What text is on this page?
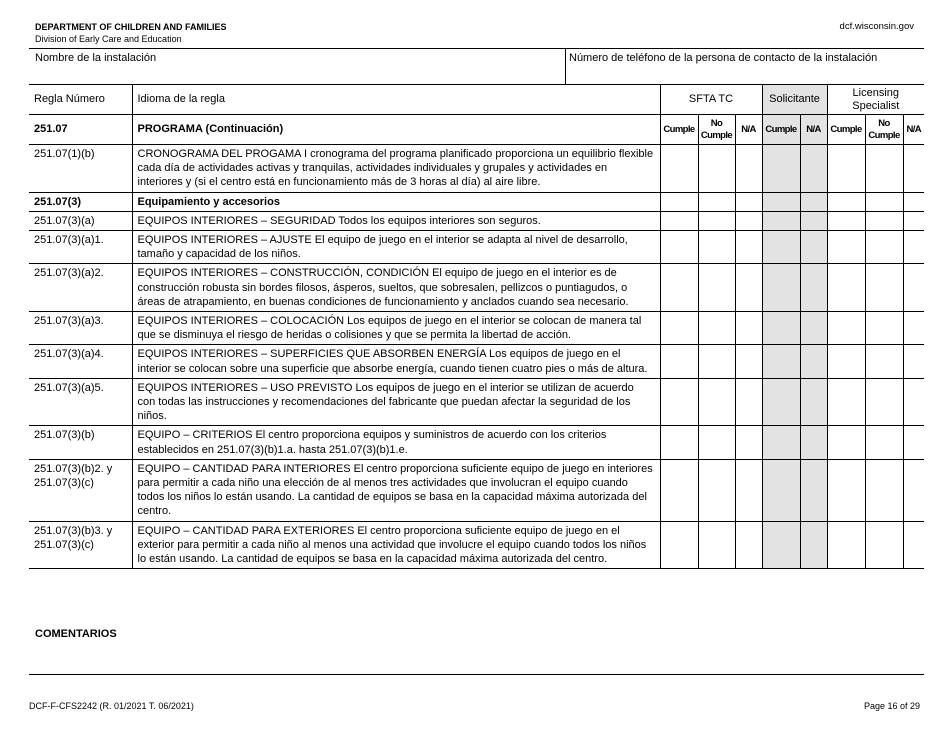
DEPARTMENT OF CHILDREN AND FAMILIES
Division of Early Care and Education
dcf.wisconsin.gov
Nombre de la instalación	Número de teléfono de la persona de contacto de la instalación
Regla Número	Idioma de la regla	SFTA TC			Solicitante		Licensing Specialist		
251.07	PROGRAMA (Continuación)	Cumple	No Cumple	N/A	Cumple	N/A	Cumple	No Cumple	N/A
251.07(1)(b)	CRONOGRAMA DEL PROGAMA I cronograma del programa planificado proporciona un equilibrio flexible cada día de actividades activas y tranquilas, actividades individuales y grupales y actividades en interiores y (si el centro está en funcionamiento más de 3 horas al día) al aire libre.								
251.07(3)	Equipamiento y accesorios								
251.07(3)(a)	EQUIPOS INTERIORES – SEGURIDAD Todos los equipos interiores son seguros.								
251.07(3)(a)1.	EQUIPOS INTERIORES – AJUSTE El equipo de juego en el interior se adapta al nivel de desarrollo, tamaño y capacidad de los niños.								
251.07(3)(a)2.	EQUIPOS INTERIORES – CONSTRUCCIÓN, CONDICIÓN El equipo de juego en el interior es de construcción robusta sin bordes filosos, ásperos, sueltos, que sobresalen, pellizcos o puntiagudos, o áreas de atrapamiento, en buenas condiciones de funcionamiento y anclados cuando sea necesario.								
251.07(3)(a)3.	EQUIPOS INTERIORES – COLOCACIÓN Los equipos de juego en el interior se colocan de manera tal que se disminuya el riesgo de heridas o colisiones y que se permita la libertad de acción.								
251.07(3)(a)4.	EQUIPOS INTERIORES – SUPERFICIES QUE ABSORBEN ENERGÍA Los equipos de juego en el interior se colocan sobre una superficie que absorbe energía, cuando tienen cuatro pies o más de altura.								
251.07(3)(a)5.	EQUIPOS INTERIORES – USO PREVISTO Los equipos de juego en el interior se utilizan de acuerdo con todas las instrucciones y recomendaciones del fabricante que puedan afectar la seguridad de los niños.								
251.07(3)(b)	EQUIPO – CRITERIOS El centro proporciona equipos y suministros de acuerdo con los criterios establecidos en 251.07(3)(b)1.a. hasta 251.07(3)(b)1.e.								
251.07(3)(b)2. y 251.07(3)(c)	EQUIPO – CANTIDAD PARA INTERIORES El centro proporciona suficiente equipo de juego en interiores para permitir a cada niño una elección de al menos tres actividades que involucran el equipo cuando todos los niños lo están usando. La cantidad de equipos se basa en la capacidad máxima autorizada del centro.								
251.07(3)(b)3. y 251.07(3)(c)	EQUIPO – CANTIDAD PARA EXTERIORES El centro proporciona suficiente equipo de juego en el exterior para permitir a cada niño al menos una actividad que involucre el equipo cuando todos los niños lo están usando. La cantidad de equipos se basa en la capacidad máxima autorizada del centro.								
COMENTARIOS
DCF-F-CFS2242 (R. 01/2021 T. 06/2021)	Page 16 of 29
